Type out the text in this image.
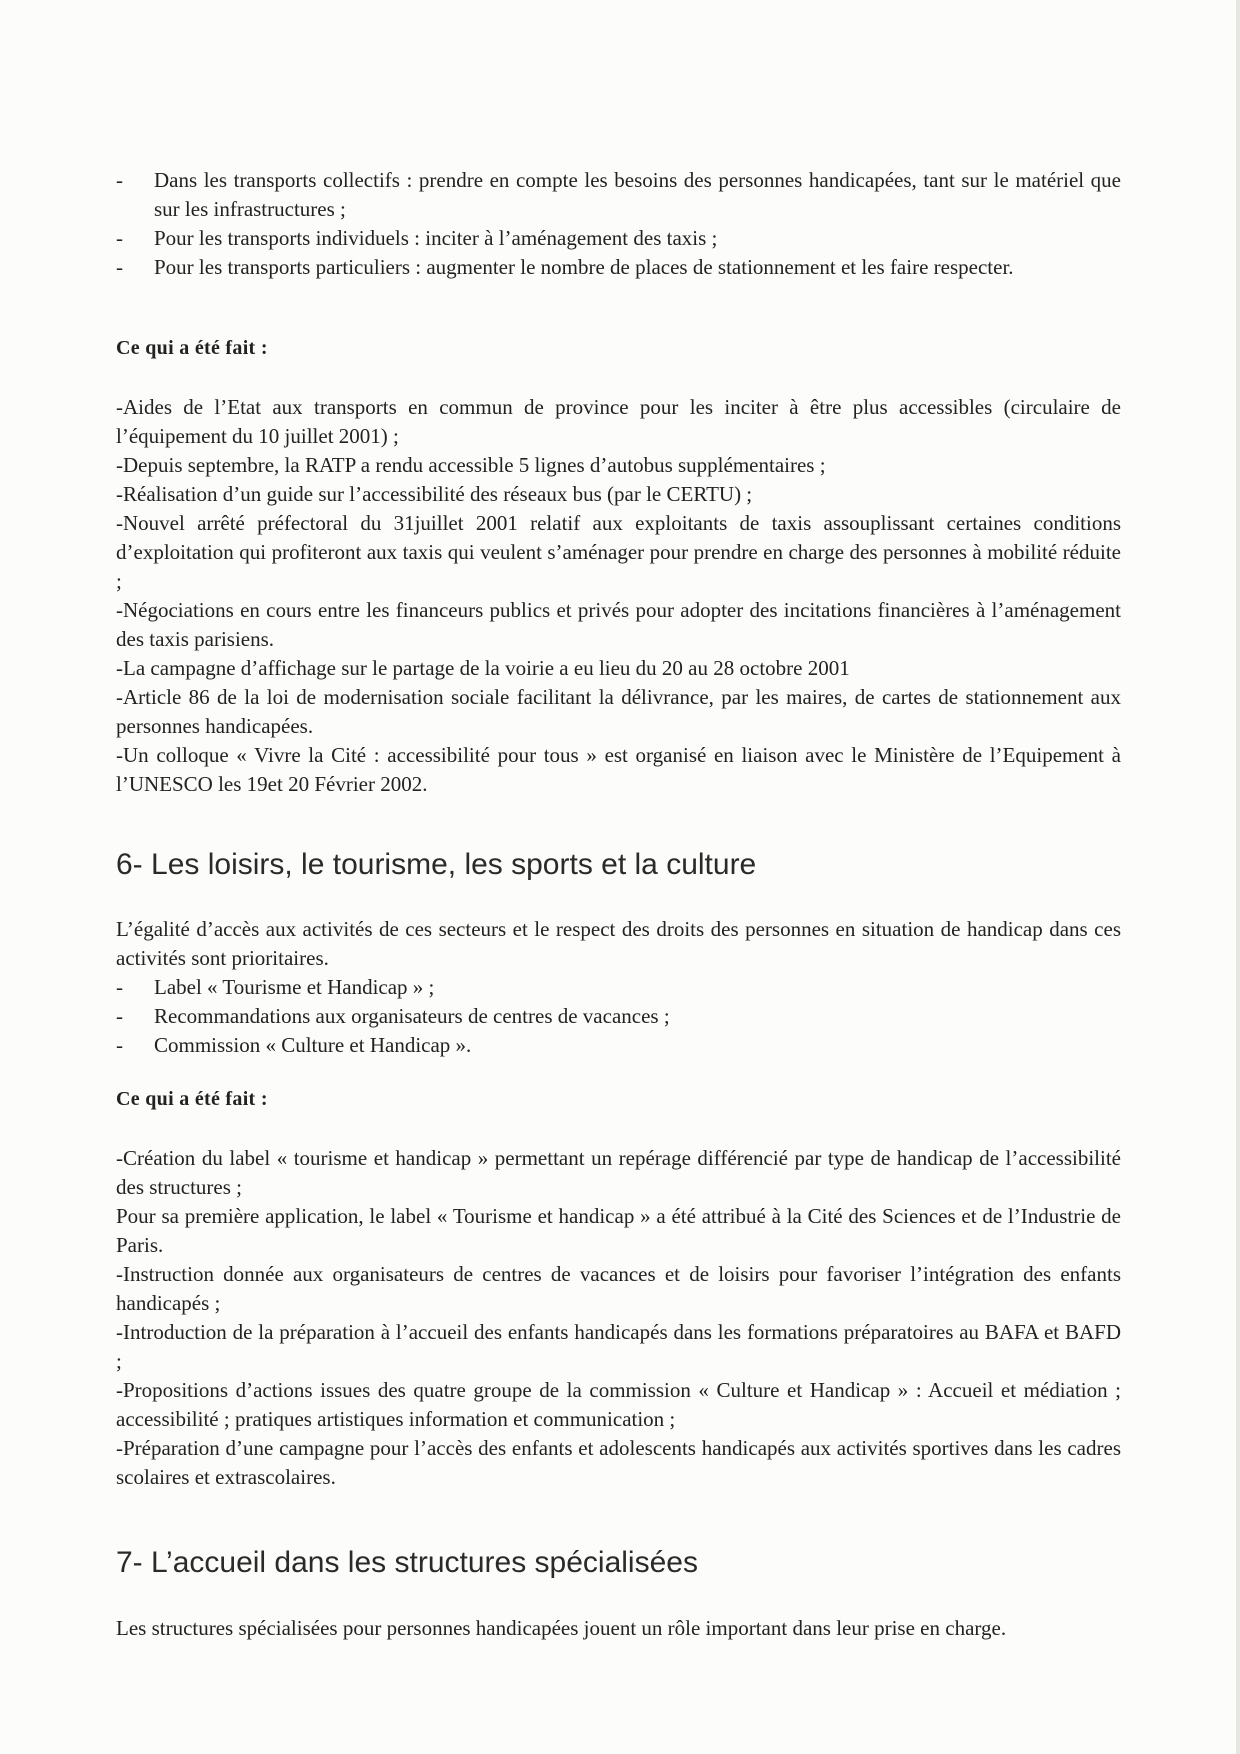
-	Dans les transports collectifs : prendre en compte les besoins des personnes handicapées, tant sur le matériel que sur les infrastructures ;
-	Pour les transports individuels : inciter à l’aménagement des taxis ;
-	Pour les transports particuliers : augmenter le nombre de places de stationnement et les faire respecter.

Ce qui a été fait :

-Aides de l’Etat aux transports en commun de province pour les inciter à être plus accessibles (circulaire de l’équipement du 10 juillet 2001) ;

-Depuis septembre, la RATP a rendu accessible 5 lignes d’autobus supplémentaires ;

-Réalisation d’un guide sur l’accessibilité des réseaux bus (par le CERTU) ;

-Nouvel arrêté préfectoral du 31juillet 2001 relatif aux exploitants de taxis assouplissant certaines conditions d’exploitation qui profiteront aux taxis qui veulent s’aménager pour prendre en charge des personnes à mobilité réduite ;

-Négociations en cours entre les financeurs publics et privés pour adopter des incitations financières à l’aménagement des taxis parisiens.

-La campagne d’affichage sur le partage de la voirie a eu lieu du 20 au 28 octobre 2001

-Article 86 de la loi de modernisation sociale facilitant la délivrance, par les maires, de cartes de stationnement aux personnes handicapées.

-Un colloque « Vivre la Cité : accessibilité pour tous » est organisé en liaison avec le Ministère de l’Equipement à l’UNESCO les 19et 20 Février 2002.

6- Les loisirs, le tourisme, les sports et la culture

L’égalité d’accès aux activités de ces secteurs et le respect des droits des personnes en situation de handicap dans ces activités sont prioritaires.

-	Label « Tourisme et Handicap » ;
-	Recommandations aux organisateurs de centres de vacances ;
-	Commission « Culture et Handicap ».

Ce qui a été fait :

-Création du label « tourisme et handicap » permettant un repérage différencié par type de handicap de l’accessibilité des structures ;

Pour sa première application, le label « Tourisme et handicap » a été attribué à la Cité des Sciences et de l’Industrie de Paris.

-Instruction donnée aux organisateurs de centres de vacances et de loisirs pour favoriser l’intégration des enfants handicapés ;

-Introduction de la préparation à l’accueil des enfants handicapés dans les formations préparatoires au BAFA et BAFD ;

-Propositions d’actions issues des quatre groupe de la commission « Culture et Handicap » : Accueil et médiation ; accessibilité ; pratiques artistiques information et communication ;

-Préparation d’une campagne pour l’accès des enfants et adolescents handicapés aux activités sportives dans les cadres scolaires et extrascolaires.

7- L’accueil dans les structures spécialisées

Les structures spécialisées pour personnes handicapées jouent un rôle important dans leur prise en charge.
